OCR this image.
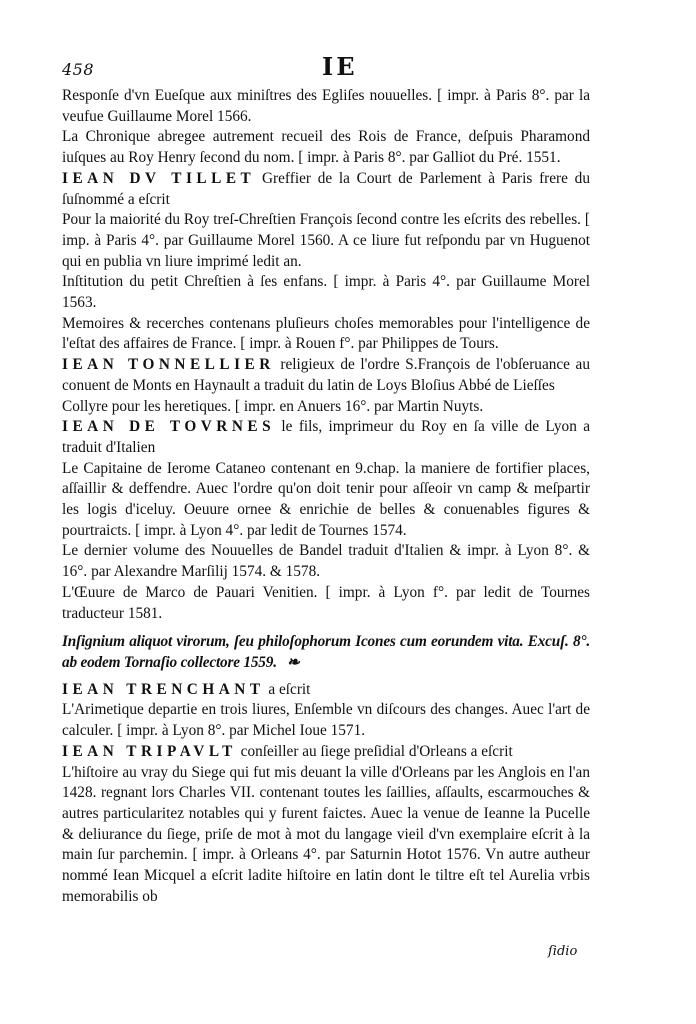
458	IE

Responſe d'vn Eueſque aux miniſtres des Egliſes nouuelles. [ impr. à Paris 8°. par la veufue Guillaume Morel 1566.

La Chronique abregee autrement recueil des Rois de France, deſpuis Pharamond iuſques au Roy Henry ſecond du nom. [ impr. à Paris 8°. par Galliot du Pré. 1551.

IEAN DV TILLET Greffier de la Court de Parlement à Paris frere du ſuſnommé a eſcrit

Pour la maiorité du Roy treſ-Chreſtien François ſecond contre les eſcrits des rebelles. [ imp. à Paris 4°. par Guillaume Morel 1560. A ce liure fut reſpondu par vn Huguenot qui en publia vn liure imprimé ledit an.

Inſtitution du petit Chreſtien à ſes enfans. [ impr. à Paris 4°. par Guillaume Morel 1563.

Memoires & recerches contenans pluſieurs choſes memorables pour l'intelligence de l'eſtat des affaires de France. [ impr. à Rouen f°. par Philippes de Tours.

IEAN TONNELLIER religieux de l'ordre S.François de l'obſeruance au conuent de Monts en Haynault a traduit du latin de Loys Bloſius Abbé de Lieſſes

Collyre pour les heretiques. [ impr. en Anuers 16°. par Martin Nuyts.

IEAN DE TOVRNES le fils, imprimeur du Roy en ſa ville de Lyon a traduit d'Italien

Le Capitaine de Ierome Cataneo contenant en 9.chap. la maniere de fortifier places, aſſaillir & deffendre. Auec l'ordre qu'on doit tenir pour aſſeoir vn camp & meſpartir les logis d'iceluy. Oeuure ornee & enrichie de belles & conuenables figures & pourtraicts. [ impr. à Lyon 4°. par ledit de Tournes 1574.

Le dernier volume des Nouuelles de Bandel traduit d'Italien & impr. à Lyon 8°. & 16°. par Alexandre Marſilij 1574. & 1578.

L'Œuure de Marco de Pauari Venitien. [ impr. à Lyon f°. par ledit de Tournes traducteur 1581.

Inſignium aliquot virorum, ſeu philoſophorum Icones cum eorundem vita. Excuſ. 8°. ab eodem Tornaſio collectore 1559. ❧

IEAN TRENCHANT a eſcrit

L'Arimetique departie en trois liures, Enſemble vn diſcours des changes. Auec l'art de calculer. [ impr. à Lyon 8°. par Michel Ioue 1571.

IEAN TRIPAVLT conſeiller au ſiege preſidial d'Orleans a eſcrit

L'hiſtoire au vray du Siege qui fut mis deuant la ville d'Orleans par les Anglois en l'an 1428. regnant lors Charles VII. contenant toutes les ſaillies, aſſaults, escarmouches & autres particularitez notables qui y furent faictes. Auec la venue de Ieanne la Pucelle & deliurance du ſiege, priſe de mot à mot du langage vieil d'vn exemplaire eſcrit à la main ſur parchemin. [ impr. à Orleans 4°. par Saturnin Hotot 1576. Vn autre autheur nommé Iean Micquel a eſcrit ladite hiſtoire en latin dont le tiltre eſt tel Aurelia vrbis memorabilis ob

ſidio
